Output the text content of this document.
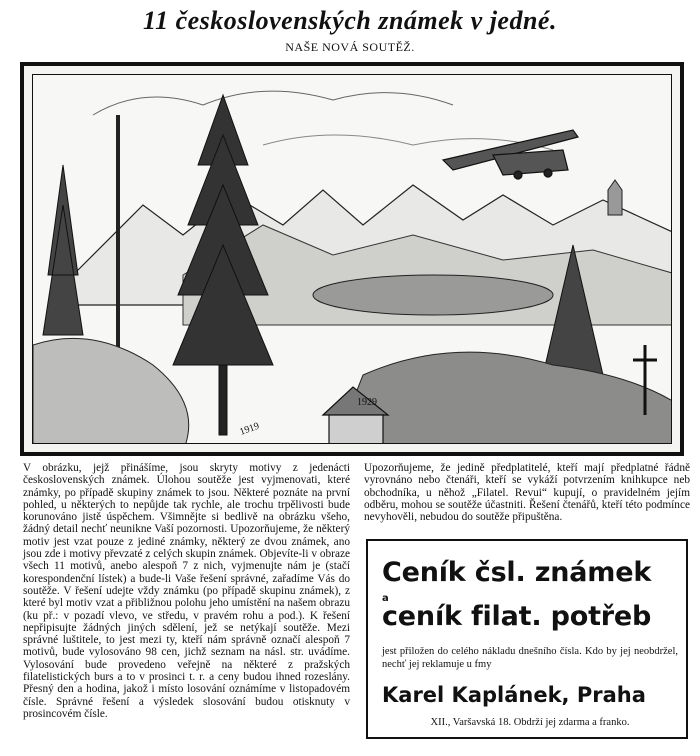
11 československých známek v jedné.
NAŠE NOVÁ SOUTĚŽ.
1929
1919
V obrázku, jejž přinášíme, jsou skryty motivy z jedenácti československých známek. Úlohou soutěže jest vyjmenovati, které známky, po případě skupiny známek to jsou. Některé poznáte na první pohled, u některých to nepůjde tak rychle, ale trochu trpělivosti bude korunováno jistě úspěchem. Všimnějte si bedlivě na obrázku všeho, žádný detail nechť neunikne Vaší pozornosti. Upozorňujeme, že některý motiv jest vzat pouze z jediné známky, některý ze dvou známek, ano jsou zde i motivy převzaté z celých skupin známek. Objevíte-li v obraze všech 11 motivů, anebo alespoň 7 z nich, vyjmenujte nám je (stačí korespondenční lístek) a bude-li Vaše řešení správné, zařadíme Vás do soutěže. V řešení udejte vždy známku (po případě skupinu známek), z které byl motiv vzat a přibližnou polohu jeho umístění na našem obrazu (ku př.: v pozadí vlevo, ve středu, v pravém rohu a pod.). K řešení nepřipisujte žádných jiných sdělení, jež se netýkají soutěže. Mezi správné luštitele, to jest mezi ty, kteří nám správně označí alespoň 7 motivů, bude vylosováno 98 cen, jichž seznam na násl. str. uvádíme. Vylosování bude provedeno veřejně na některé z pražských filatelistických burs a to v prosinci t. r. a ceny budou ihned rozeslány. Přesný den a hodina, jakož i místo losování oznámíme v listopadovém čísle. Správné řešení a výsledek slosování budou otisknuty v prosincovém čísle.
Upozorňujeme, že jedině předplatitelé, kteří mají předplatné řádně vyrovnáno nebo čtenáři, kteří se vykáží potvrzením knihkupce neb obchodníka, u něhož „Filatel. Revui“ kupují, o pravidelném jejím odběru, mohou se soutěže účastniti. Řešení čtenářů, kteří této podmínce nevyhověli, nebudou do soutěže připuštěna.
Ceník čsl. známek
a
ceník filat. potřeb
jest přiložen do celého nákladu dnešního čísla. Kdo by jej neobdržel, nechť jej reklamuje u fmy
Karel Kaplánek, Praha
XII., Varšavská 18. Obdrží jej zdarma a franko.
